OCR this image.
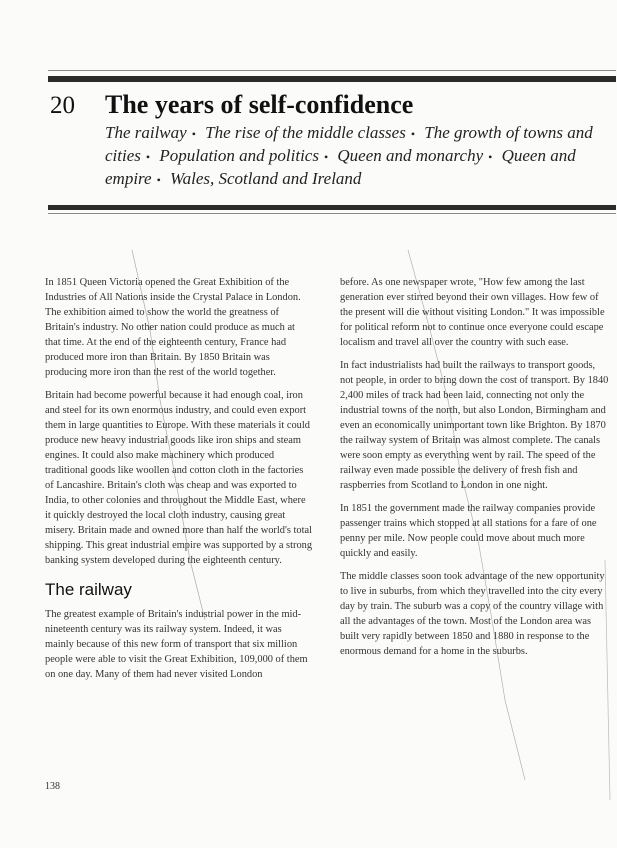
20 The years of self-confidence
The railway • The rise of the middle classes • The growth of towns and cities • Population and politics • Queen and monarchy • Queen and empire • Wales, Scotland and Ireland

In 1851 Queen Victoria opened the Great Exhibition of the Industries of All Nations inside the Crystal Palace in London. The exhibition aimed to show the world the greatness of Britain's industry. No other nation could produce as much at that time. At the end of the eighteenth century, France had produced more iron than Britain. By 1850 Britain was producing more iron than the rest of the world together.

Britain had become powerful because it had enough coal, iron and steel for its own enormous industry, and could even export them in large quantities to Europe. With these materials it could produce new heavy industrial goods like iron ships and steam engines. It could also make machinery which produced traditional goods like woollen and cotton cloth in the factories of Lancashire. Britain's cloth was cheap and was exported to India, to other colonies and throughout the Middle East, where it quickly destroyed the local cloth industry, causing great misery. Britain made and owned more than half the world's total shipping. This great industrial empire was supported by a strong banking system developed during the eighteenth century.

The railway

The greatest example of Britain's industrial power in the mid-nineteenth century was its railway system. Indeed, it was mainly because of this new form of transport that six million people were able to visit the Great Exhibition, 109,000 of them on one day. Many of them had never visited London

before. As one newspaper wrote, "How few among the last generation ever stirred beyond their own villages. How few of the present will die without visiting London." It was impossible for political reform not to continue once everyone could escape localism and travel all over the country with such ease.

In fact industrialists had built the railways to transport goods, not people, in order to bring down the cost of transport. By 1840 2,400 miles of track had been laid, connecting not only the industrial towns of the north, but also London, Birmingham and even an economically unimportant town like Brighton. By 1870 the railway system of Britain was almost complete. The canals were soon empty as everything went by rail. The speed of the railway even made possible the delivery of fresh fish and raspberries from Scotland to London in one night.

In 1851 the government made the railway companies provide passenger trains which stopped at all stations for a fare of one penny per mile. Now people could move about much more quickly and easily.

The middle classes soon took advantage of the new opportunity to live in suburbs, from which they travelled into the city every day by train. The suburb was a copy of the country village with all the advantages of the town. Most of the London area was built very rapidly between 1850 and 1880 in response to the enormous demand for a home in the suburbs.

138
